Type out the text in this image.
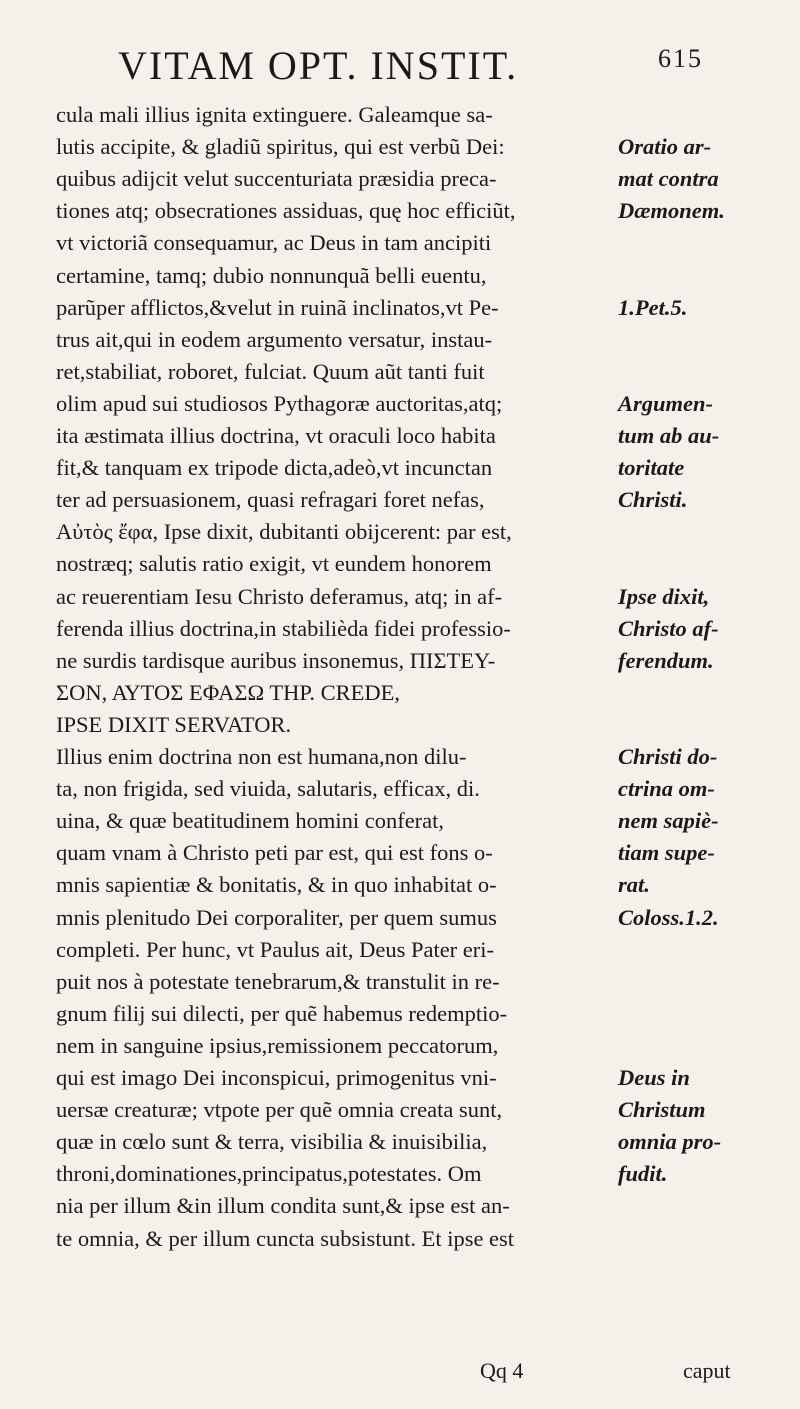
VITAM OPT. INSTIT.	615
cula mali illius ignita extinguere. Galeamque sa-
lutis accipite, & gladiũ spiritus, qui est verbũ Dei:	Oratio ar-
quibus adijcit velut succenturiata præsidia preca-	mat contra
tiones atq; obsecrationes assiduas, quę hoc efficiũt,	Dæmonem.
vt victoriã consequamur, ac Deus in tam ancipiti
certamine, tamq; dubio nonnunquã belli euentu,
parũper afflictos,&velut in ruinã inclinatos,vt Pe-	1.Pet.5.
trus ait,qui in eodem argumento versatur, instau-
ret,stabiliat, roboret, fulciat. Quum aũt tanti fuit
olim apud sui studiosos Pythagoræ auctoritas,atq;	Argumen-
ita æstimata illius doctrina, vt oraculi loco habita	tum ab au-
fit,& tanquam ex tripode dicta,adeò,vt incunctan	toritate
ter ad persuasionem, quasi refragari foret nefas,	Christi.
Αὐτὸς ἔφα, Ipse dixit, dubitanti obijcerent: par est,
nostræq; salutis ratio exigit, vt eundem honorem
ac reuerentiam Iesu Christo deferamus, atq; in af-	Ipse dixit,
ferenda illius doctrina,in stabilièda fidei professio-	Christo af-
ne surdis tardisque auribus insonemus, ΠΙΣΤΕΥ-	ferendum.
ΣΟΝ, ΑΥΤΟΣ ΕΦΑΣΩ ΤΗΡ. CREDE,
IPSE DIXIT SERVATOR.
Illius enim doctrina non est humana,non dilu-	Christi do-
ta, non frigida, sed viuida, salutaris, efficax, di.	ctrina om-
uina, & quæ beatitudinem homini conferat,	nem sapiè-
quam vnam à Christo peti par est, qui est fons o-	tiam supe-
mnis sapientiæ & bonitatis, & in quo inhabitat o-	rat.
mnis plenitudo Dei corporaliter, per quem sumus	Coloss.1.2.
completi. Per hunc, vt Paulus ait, Deus Pater eri-
puit nos à potestate tenebrarum,& transtulit in re-
gnum filij sui dilecti, per quẽ habemus redemptio-
nem in sanguine ipsius,remissionem peccatorum,
qui est imago Dei inconspicui, primogenitus vni-	Deus in
uersæ creaturæ; vtpote per quẽ omnia creata sunt,	Christum
quæ in cœlo sunt & terra, visibilia & inuisibilia,	omnia pro-
throni,dominationes,principatus,potestates. Om	fudit.
nia per illum &in illum condita sunt,& ipse est an-
te omnia, & per illum cuncta subsistunt. Et ipse est
Qq 4	caput
